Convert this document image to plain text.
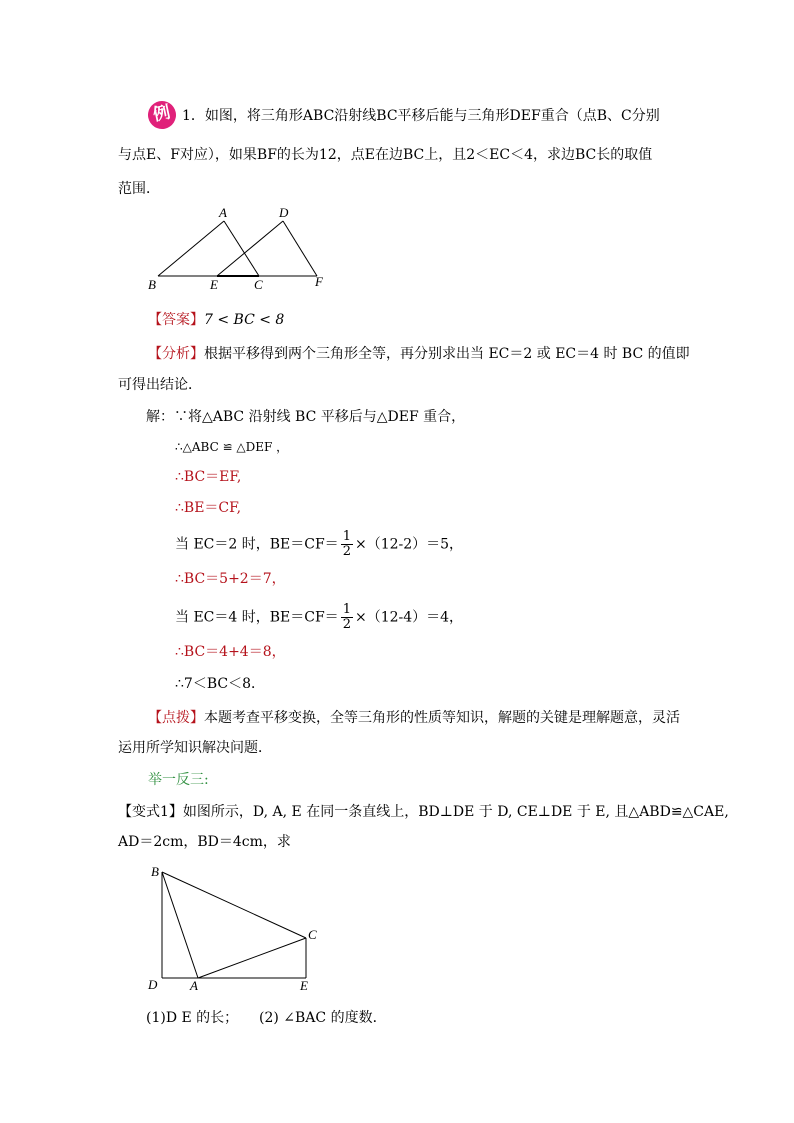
例 1．如图，将三角形ABC沿射线BC平移后能与三角形DEF重合（点B、C分别
与点E、F对应），如果BF的长为12，点E在边BC上，且2＜EC＜4，求边BC长的取值
范围．
A	D
B	E	C	F
【答案】7 < BC < 8
【分析】根据平移得到两个三角形全等，再分别求出当 EC＝2 或 EC＝4 时 BC 的值即
可得出结论．
解：∵将△ABC 沿射线 BC 平移后与△DEF 重合，
∴△ABC ≌ △DEF ，
∴BC＝EF,
∴BE＝CF,
当 EC＝2 时，$BE=CF= \frac{1}{2} \times(12-2)=5$，
∴BC＝5+2＝7，
当 EC＝4 时，$BE=CF= \frac{1}{2} \times(12-4)=4$，
∴BC＝4+4＝8，
∴7＜BC＜8．
【点拨】本题考查平移变换，全等三角形的性质等知识，解题的关键是理解题意，灵活
运用所学知识解决问题．
举一反三:
【变式1】如图所示，D, A, E 在同一条直线上，BD⊥DE 于 D, CE⊥DE 于 E, 且△ABD≌△CAE,
AD＝2cm，BD＝4cm，求
B
C
D	A	E
(1)D E 的长； (2) ∠BAC 的度数．
